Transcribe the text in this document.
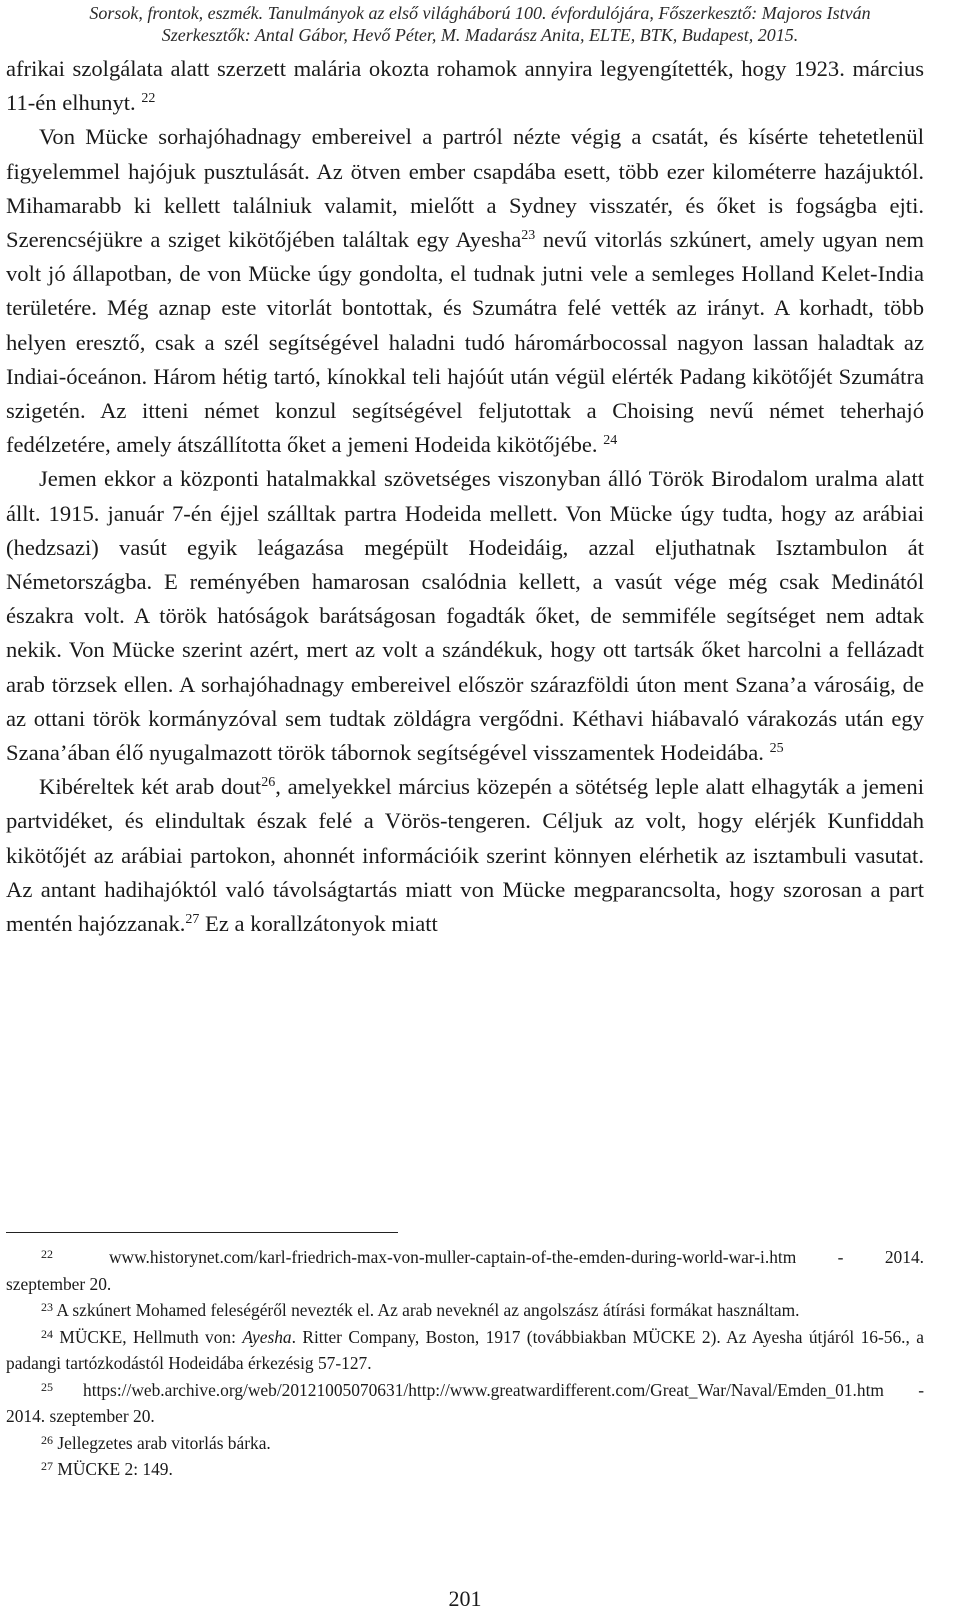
Sorsok, frontok, eszmék. Tanulmányok az első világháború 100. évfordulójára, Főszerkesztő: Majoros István
Szerkesztők: Antal Gábor, Hevő Péter, M. Madarász Anita, ELTE, BTK, Budapest, 2015.

afrikai szolgálata alatt szerzett malária okozta rohamok annyira legyengítették, hogy 1923. március 11-én elhunyt. $^{22}$

Von Mücke sorhajóhadnagy embereivel a partról nézte végig a csatát, és kísérte tehetetlenül figyelemmel hajójuk pusztulását. Az ötven ember csapdába esett, több ezer kilométerre hazájuktól. Mihamarabb ki kellett találniuk valamit, mielőtt a Sydney visszatér, és őket is fogságba ejti. Szerencséjükre a sziget kikötőjében találtak egy Ayesha$^{23}$ nevű vitorlás szkúnert, amely ugyan nem volt jó állapotban, de von Mücke úgy gondolta, el tudnak jutni vele a semleges Holland Kelet-India területére. Még aznap este vitorlát bontottak, és Szumátra felé vették az irányt. A korhadt, több helyen eresztő, csak a szél segítségével haladni tudó háromárbocossal nagyon lassan haladtak az Indiai-óceánon. Három hétig tartó, kínokkal teli hajóút után végül elérték Padang kikötőjét Szumátra szigetén. Az itteni német konzul segítségével feljutottak a Choising nevű német teherhajó fedélzetére, amely átszállította őket a jemeni Hodeida kikötőjébe. $^{24}$

Jemen ekkor a központi hatalmakkal szövetséges viszonyban álló Török Birodalom uralma alatt állt. 1915. január 7-én éjjel szálltak partra Hodeida mellett. Von Mücke úgy tudta, hogy az arábiai (hedzsazi) vasút egyik leágazása megépült Hodeidáig, azzal eljuthatnak Isztambulon át Németországba. E reményében hamarosan csalódnia kellett, a vasút vége még csak Medinától északra volt. A török hatóságok barátságosan fogadták őket, de semmiféle segítséget nem adtak nekik. Von Mücke szerint azért, mert az volt a szándékuk, hogy ott tartsák őket harcolni a fellázadt arab törzsek ellen. A sorhajóhadnagy embereivel először szárazföldi úton ment Szana’a városáig, de az ottani török kormányzóval sem tudtak zöldágra vergődni. Kéthavi hiábavaló várakozás után egy Szana’ában élő nyugalmazott török tábornok segítségével visszamentek Hodeidába. $^{25}$

Kibéreltek két arab dout$^{26}$, amelyekkel március közepén a sötétség leple alatt elhagyták a jemeni partvidéket, és elindultak észak felé a Vörös-tengeren. Céljuk az volt, hogy elérjék Kunfiddah kikötőjét az arábiai partokon, ahonnét információik szerint könnyen elérhetik az isztambuli vasutat. Az antant hadihajóktól való távolságtartás miatt von Mücke megparancsolta, hogy szorosan a part mentén hajózzanak.$^{27}$ Ez a korallzátonyok miatt

$^{22}$	www.historynet.com/karl-friedrich-max-von-muller-captain-of-the-emden-during-world-war-i.htm - 2014. szeptember 20.

$^{23}$ A szkúnert Mohamed feleségéről nevezték el. Az arab neveknél az angolszász átírási formákat használtam.

$^{24}$ MÜCKE, Hellmuth von: Ayesha. Ritter Company, Boston, 1917 (továbbiakban MÜCKE 2). Az Ayesha útjáról 16-56., a padangi tartózkodástól Hodeidába érkezésig 57-127.

$^{25}$ https://web.archive.org/web/20121005070631/http://www.greatwardifferent.com/Great_War/Naval/Emden_01.htm - 2014. szeptember 20.

$^{26}$ Jellegzetes arab vitorlás bárka.

$^{27}$ MÜCKE 2: 149.

201
